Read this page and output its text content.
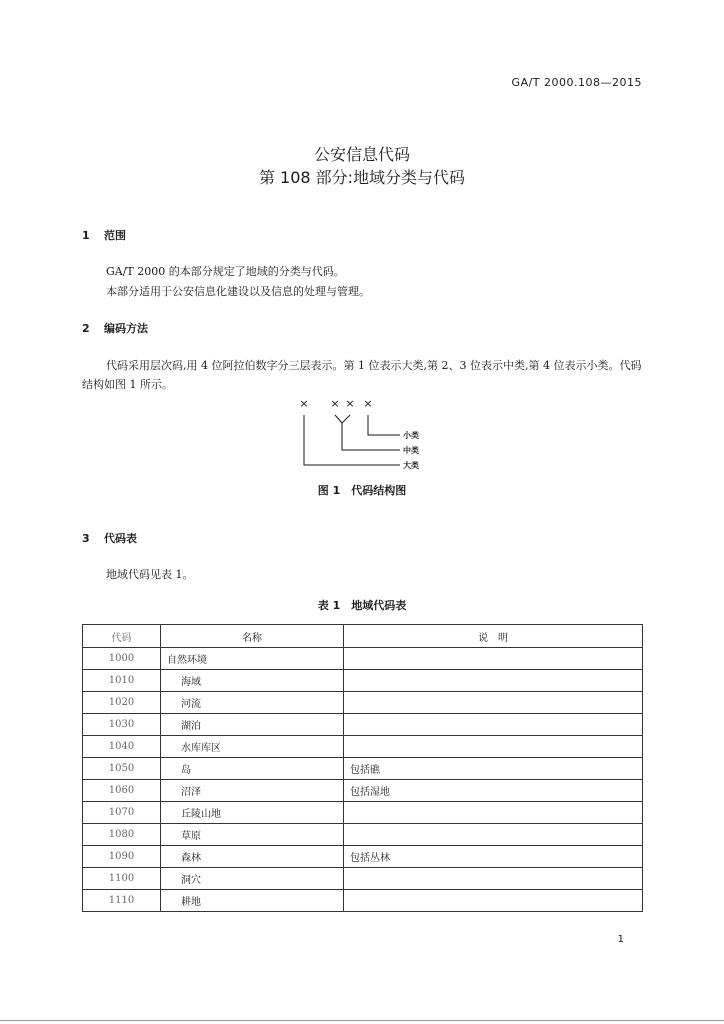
GA/T 2000.108—2015
公安信息代码
第 108 部分:地域分类与代码
1 范围
GA/T 2000 的本部分规定了地域的分类与代码。
本部分适用于公安信息化建设以及信息的处理与管理。
2 编码方法
代码采用层次码,用 4 位阿拉伯数字分三层表示。第 1 位表示大类,第 2、3 位表示中类,第 4 位表示小类。代码结构如图 1 所示。
× × × ×
小类
中类
大类
图 1　代码结构图
3 代码表
地域代码见表 1。
表 1　地域代码表
代码	名称	说　明
1000	自然环境	
1010	海域	
1020	河流	
1030	湖泊	
1040	水库库区	
1050	岛	包括礁
1060	沼泽	包括湿地
1070	丘陵山地	
1080	草原	
1090	森林	包括丛林
1100	洞穴	
1110	耕地	
1
